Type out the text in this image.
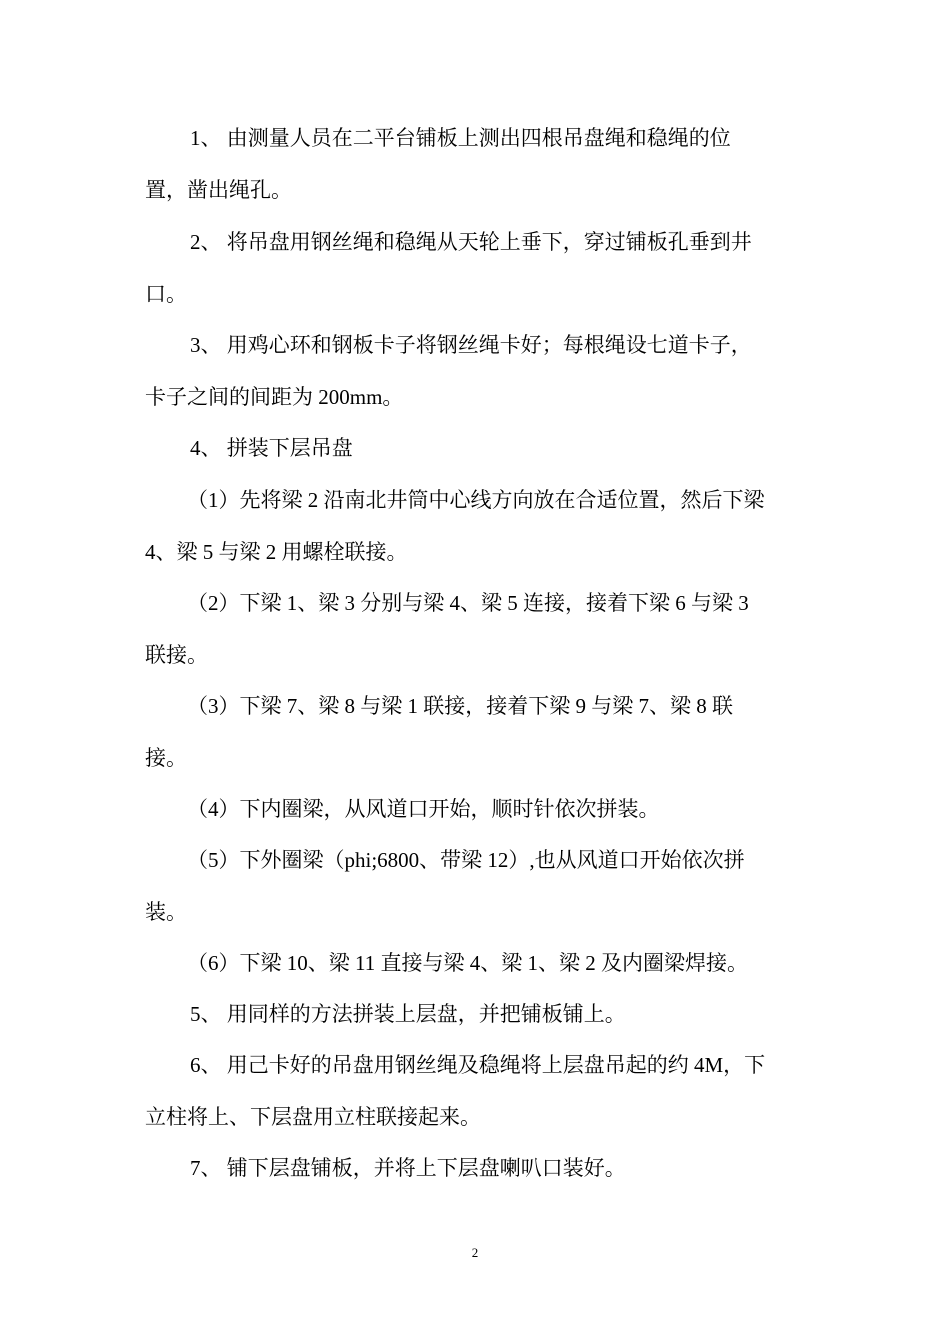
1、 由测量人员在二平台铺板上测出四根吊盘绳和稳绳的位
置，凿出绳孔。
2、 将吊盘用钢丝绳和稳绳从天轮上垂下，穿过铺板孔垂到井
口。
3、 用鸡心环和钢板卡子将钢丝绳卡好；每根绳设七道卡子，
卡子之间的间距为 200mm。
4、 拼装下层吊盘
（1）先将梁 2 沿南北井筒中心线方向放在合适位置，然后下梁
4、梁 5 与梁 2 用螺栓联接。
（2）下梁 1、梁 3 分别与梁 4、梁 5 连接，接着下梁 6 与梁 3
联接。
（3）下梁 7、梁 8 与梁 1 联接，接着下梁 9 与梁 7、梁 8 联
接。
（4）下内圈梁，从风道口开始，顺时针依次拼装。
（5）下外圈梁（phi;6800、带梁 12）,也从风道口开始依次拼
装。
（6）下梁 10、梁 11 直接与梁 4、梁 1、梁 2 及内圈梁焊接。
5、 用同样的方法拼装上层盘，并把铺板铺上。
6、 用己卡好的吊盘用钢丝绳及稳绳将上层盘吊起的约 4M，下
立柱将上、下层盘用立柱联接起来。
7、 铺下层盘铺板，并将上下层盘喇叭口装好。
2
